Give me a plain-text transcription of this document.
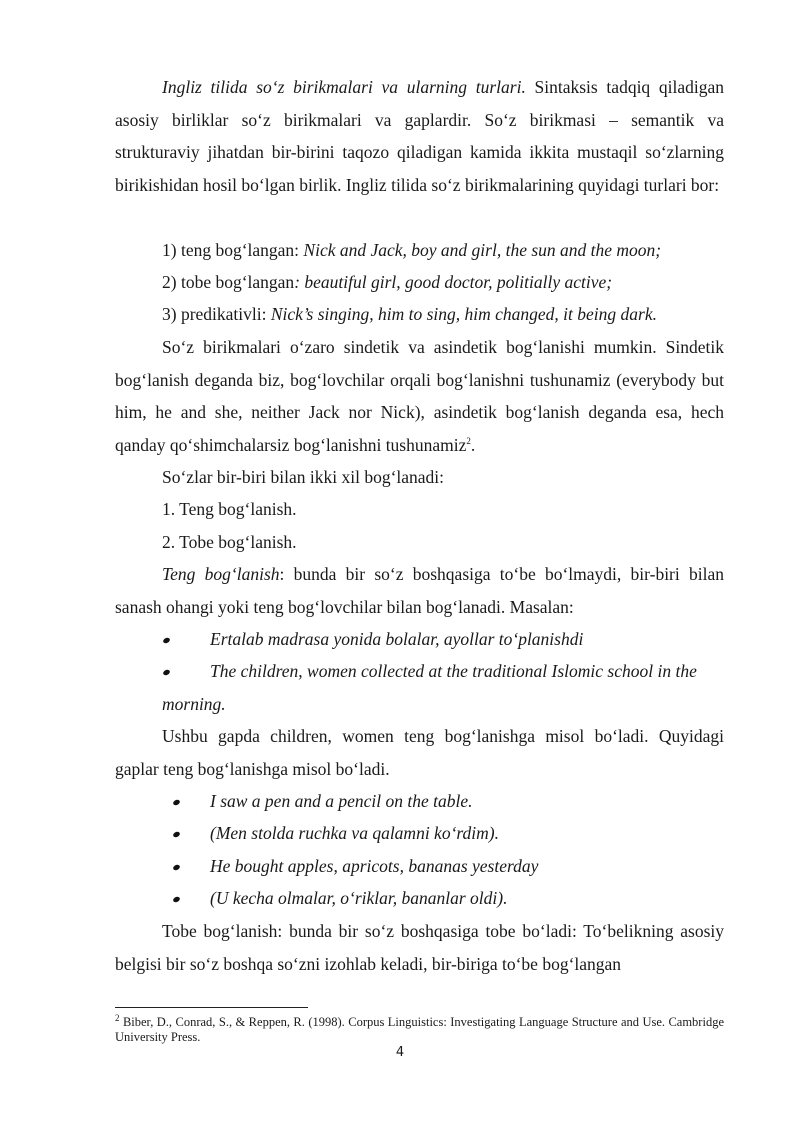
Ingliz tilida so‘z birikmalari va ularning turlari. Sintaksis tadqiq qiladigan asosiy birliklar so‘z birikmalari va gaplardir. So‘z birikmasi – semantik va strukturaviy jihatdan bir-birini taqozo qiladigan kamida ikkita mustaqil so‘zlarning birikishidan hosil bo‘lgan birlik. Ingliz tilida so‘z birikmalarining quyidagi turlari bor:

1) teng bog‘langan: Nick and Jack, boy and girl, the sun and the moon;
2) tobe bog‘langan: beautiful girl, good doctor, politially active;
3) predikativli: Nick’s singing, him to sing, him changed, it being dark.

So‘z birikmalari o‘zaro sindetik va asindetik bog‘lanishi mumkin. Sindetik bog‘lanish deganda biz, bog‘lovchilar orqali bog‘lanishni tushunamiz (everybody but him, he and she, neither Jack nor Nick), asindetik bog‘lanish deganda esa, hech qanday qo‘shimchalarsiz bog‘lanishni tushunamiz$^2$.

So‘zlar bir-biri bilan ikki xil bog‘lanadi:
1. Teng bog‘lanish.
2. Tobe bog‘lanish.

Teng bog‘lanish: bunda bir so‘z boshqasiga to‘be bo‘lmaydi, bir-biri bilan sanash ohangi yoki teng bog‘lovchilar bilan bog‘lanadi. Masalan:

Ertalab madrasa yonida bolalar, ayollar to‘planishdi
The children, women collected at the traditional Islomic school in the
morning.

Ushbu gapda children, women teng bog‘lanishga misol bo‘ladi. Quyidagi gaplar teng bog‘lanishga misol bo‘ladi.

I saw a pen and a pencil on the table.
(Men stolda ruchka va qalamni ko‘rdim).
He bought apples, apricots, bananas yesterday
(U kecha olmalar, o‘riklar, bananlar oldi).

Tobe bog‘lanish: bunda bir so‘z boshqasiga tobe bo‘ladi: To‘belikning asosiy belgisi bir so‘z boshqa so‘zni izohlab keladi, bir-biriga to‘be bog‘langan

$^2$ Biber, D., Conrad, S., & Reppen, R. (1998). Corpus Linguistics: Investigating Language Structure and Use. Cambridge University Press.
4
